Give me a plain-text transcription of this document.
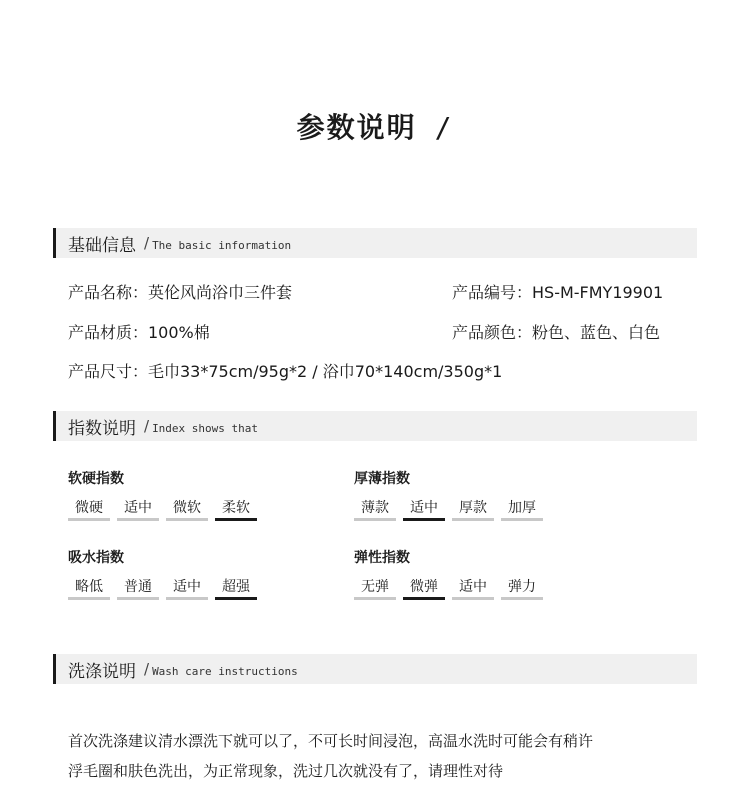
参数说明 /
基础信息 / The basic information
产品名称：英伦风尚浴巾三件套	产品编号：HS-M-FMY19901
产品材质：100%棉	产品颜色：粉色、蓝色、白色
产品尺寸：毛巾33*75cm/95g*2 / 浴巾70*140cm/350g*1
指数说明 / Index shows that
软硬指数
微硬	适中	微软	柔软
厚薄指数
薄款	适中	厚款	加厚
吸水指数
略低	普通	适中	超强
弹性指数
无弹	微弹	适中	弹力
洗涤说明 / Wash care instructions
首次洗涤建议清水漂洗下就可以了，不可长时间浸泡，高温水洗时可能会有稍许
浮毛圈和肤色洗出，为正常现象，洗过几次就没有了，请理性对待
